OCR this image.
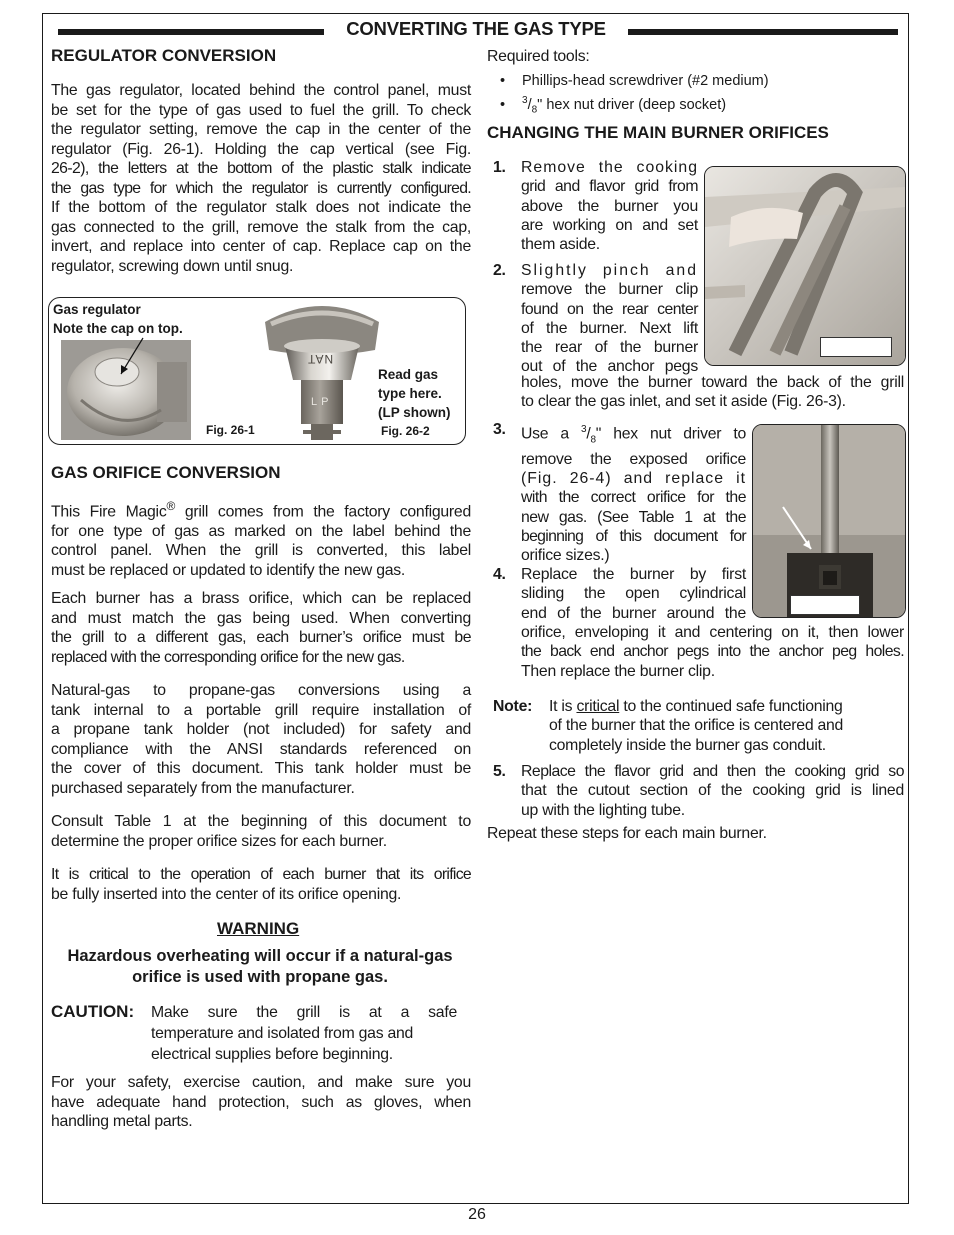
CONVERTING THE GAS TYPE
REGULATOR CONVERSION
The gas regulator, located behind the control panel, must
be set for the type of gas used to fuel the grill. To check
the regulator setting, remove the cap in the center of the
regulator (Fig. 26-1). Holding the cap vertical (see Fig.
26-2), the letters at the bottom of the plastic stalk indicate
the gas type for which the regulator is currently configured.
If the bottom of the regulator stalk does not indicate the
gas connected to the grill, remove the stalk from the cap,
invert, and replace into center of cap. Replace cap on the
regulator, screwing down until snug.
Gas regulator
Note the cap on top.
Fig. 26-1
NAT
LP
Read gas
type here.
(LP shown)
Fig. 26-2
GAS ORIFICE CONVERSION
This Fire Magic® grill comes from the factory configured
for one type of gas as marked on the label behind the
control panel. When the grill is converted, this label
must be replaced or updated to identify the new gas.
Each burner has a brass orifice, which can be replaced
and must match the gas being used. When converting
the grill to a different gas, each burner’s orifice must be
replaced with the corresponding orifice for the new gas.
Natural-gas to propane-gas conversions using a
tank internal to a portable grill require installation of
a propane tank holder (not included) for safety and
compliance with the ANSI standards referenced on
the cover of this document. This tank holder must be
purchased separately from the manufacturer.
Consult Table 1 at the beginning of this document to
determine the proper orifice sizes for each burner.
It is critical to the operation of each burner that its orifice
be fully inserted into the center of its orifice opening.
WARNING
Hazardous overheating will occur if a natural-gas
orifice is used with propane gas.
CAUTION: Make sure the grill is at a safe
temperature and isolated from gas and
electrical supplies before beginning.
For your safety, exercise caution, and make sure you
have adequate hand protection, such as gloves, when
handling metal parts.
Required tools:
• Phillips-head screwdriver (#2 medium)
• $^3/_8$" hex nut driver (deep socket)
CHANGING THE MAIN BURNER ORIFICES
1. Remove the cooking
grid and flavor grid from
above the burner you
are working on and set
them aside.
2. Slightly pinch and
remove the burner clip
found on the rear center
of the burner. Next lift
the rear of the burner
out of the anchor pegs
holes, move the burner toward the back of the grill
to clear the gas inlet, and set it aside (Fig. 26-3).
3. Use a $^3/_8$" hex nut driver to
remove the exposed orifice
(Fig. 26-4) and replace it
with the correct orifice for the
new gas. (See Table 1 at the
beginning of this document for
orifice sizes.)
4. Replace the burner by first
sliding the open cylindrical
end of the burner around the
orifice, enveloping it and centering on it, then lower
the back end anchor pegs into the anchor peg holes.
Then replace the burner clip.
Note: It is critical to the continued safe functioning
of the burner that the orifice is centered and
completely inside the burner gas conduit.
5. Replace the flavor grid and then the cooking grid so
that the cutout section of the cooking grid is lined
up with the lighting tube.
Repeat these steps for each main burner.
26
